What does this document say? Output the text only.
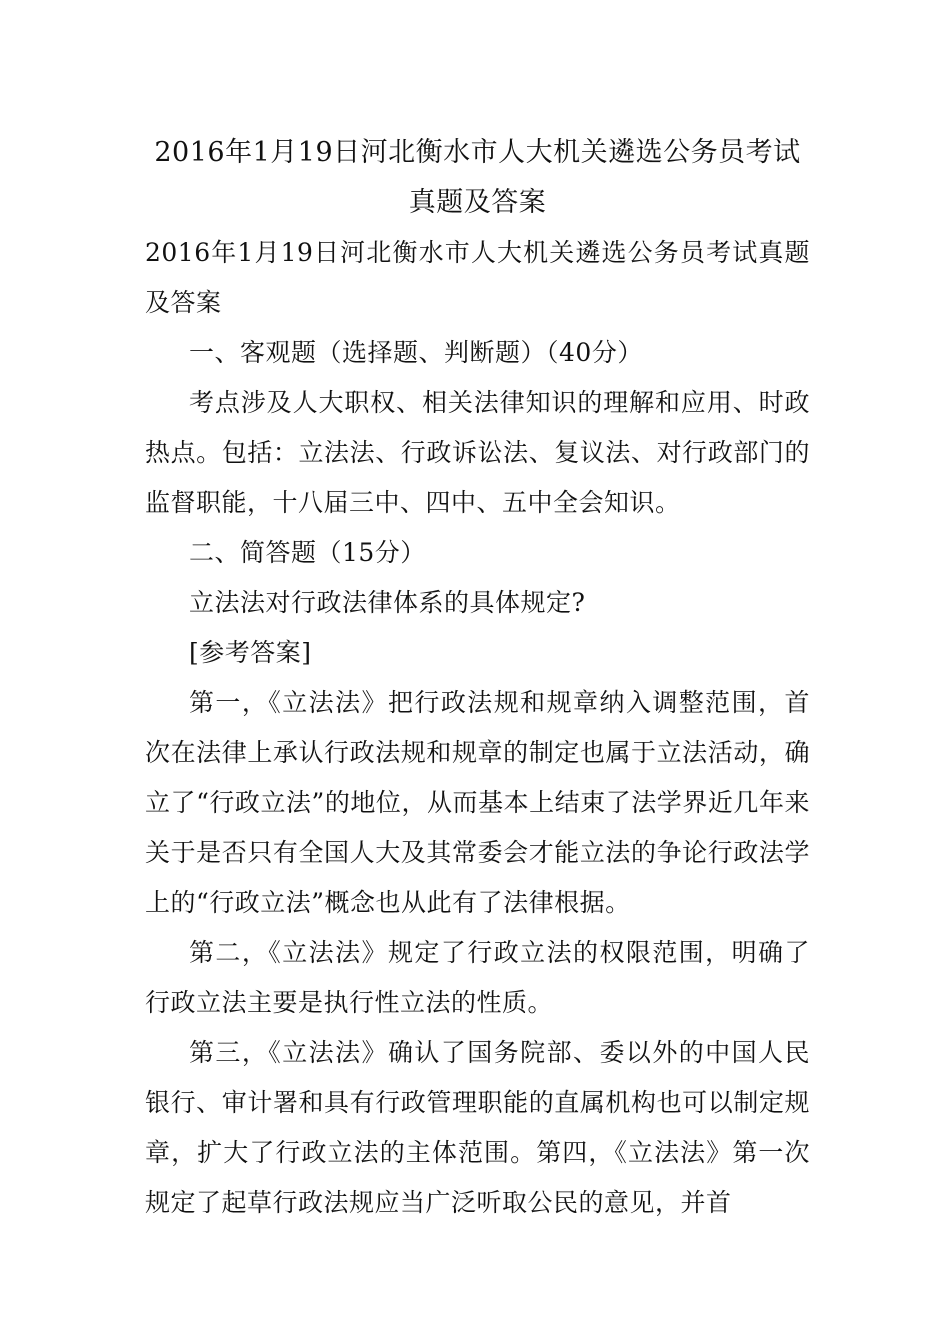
2016年1月19日河北衡水市人大机关遴选公务员考试真题及答案

2016年1月19日河北衡水市人大机关遴选公务员考试真题及答案

一、客观题（选择题、判断题）（40分）

考点涉及人大职权、相关法律知识的理解和应用、时政热点。包括：立法法、行政诉讼法、复议法、对行政部门的监督职能，十八届三中、四中、五中全会知识。

二、简答题（15分）

立法法对行政法律体系的具体规定?

[参考答案]

第一，《立法法》把行政法规和规章纳入调整范围，首次在法律上承认行政法规和规章的制定也属于立法活动，确立了“行政立法”的地位，从而基本上结束了法学界近几年来关于是否只有全国人大及其常委会才能立法的争论行政法学上的“行政立法”概念也从此有了法律根据。

第二，《立法法》规定了行政立法的权限范围，明确了行政立法主要是执行性立法的性质。

第三，《立法法》确认了国务院部、委以外的中国人民银行、审计署和具有行政管理职能的直属机构也可以制定规章，扩大了行政立法的主体范围。第四，《立法法》第一次规定了起草行政法规应当广泛听取公民的意见，并首
